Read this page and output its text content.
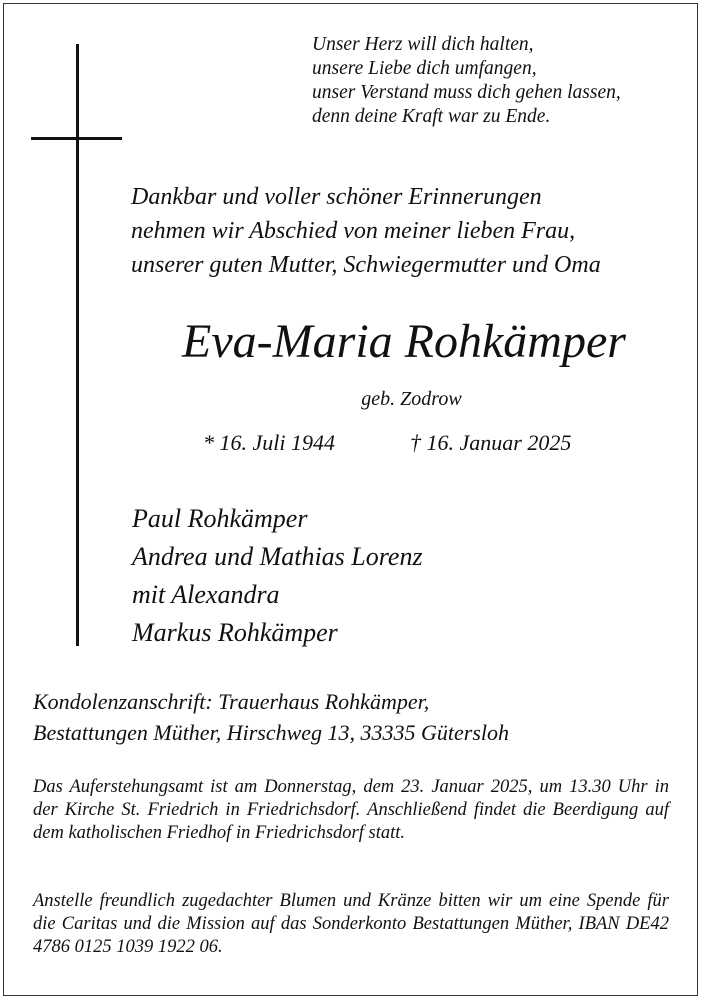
Unser Herz will dich halten,
unsere Liebe dich umfangen,
unser Verstand muss dich gehen lassen,
denn deine Kraft war zu Ende.
Dankbar und voller schöner Erinnerungen
nehmen wir Abschied von meiner lieben Frau,
unserer guten Mutter, Schwiegermutter und Oma
Eva-Maria Rohkämper
geb. Zodrow
* 16. Juli 1944	† 16. Januar 2025
Paul Rohkämper
Andrea und Mathias Lorenz
mit Alexandra
Markus Rohkämper
Kondolenzanschrift: Trauerhaus Rohkämper,
Bestattungen Müther, Hirschweg 13, 33335 Gütersloh
Das Auferstehungsamt ist am Donnerstag, dem 23. Januar 2025, um 13.30 Uhr in der Kirche St. Friedrich in Friedrichsdorf. Anschließend findet die Beerdigung auf dem katholischen Friedhof in Friedrichsdorf statt.
Anstelle freundlich zugedachter Blumen und Kränze bitten wir um eine Spende für die Caritas und die Mission auf das Sonderkonto Bestattungen Müther, IBAN DE42 4786 0125 1039 1922 06.
